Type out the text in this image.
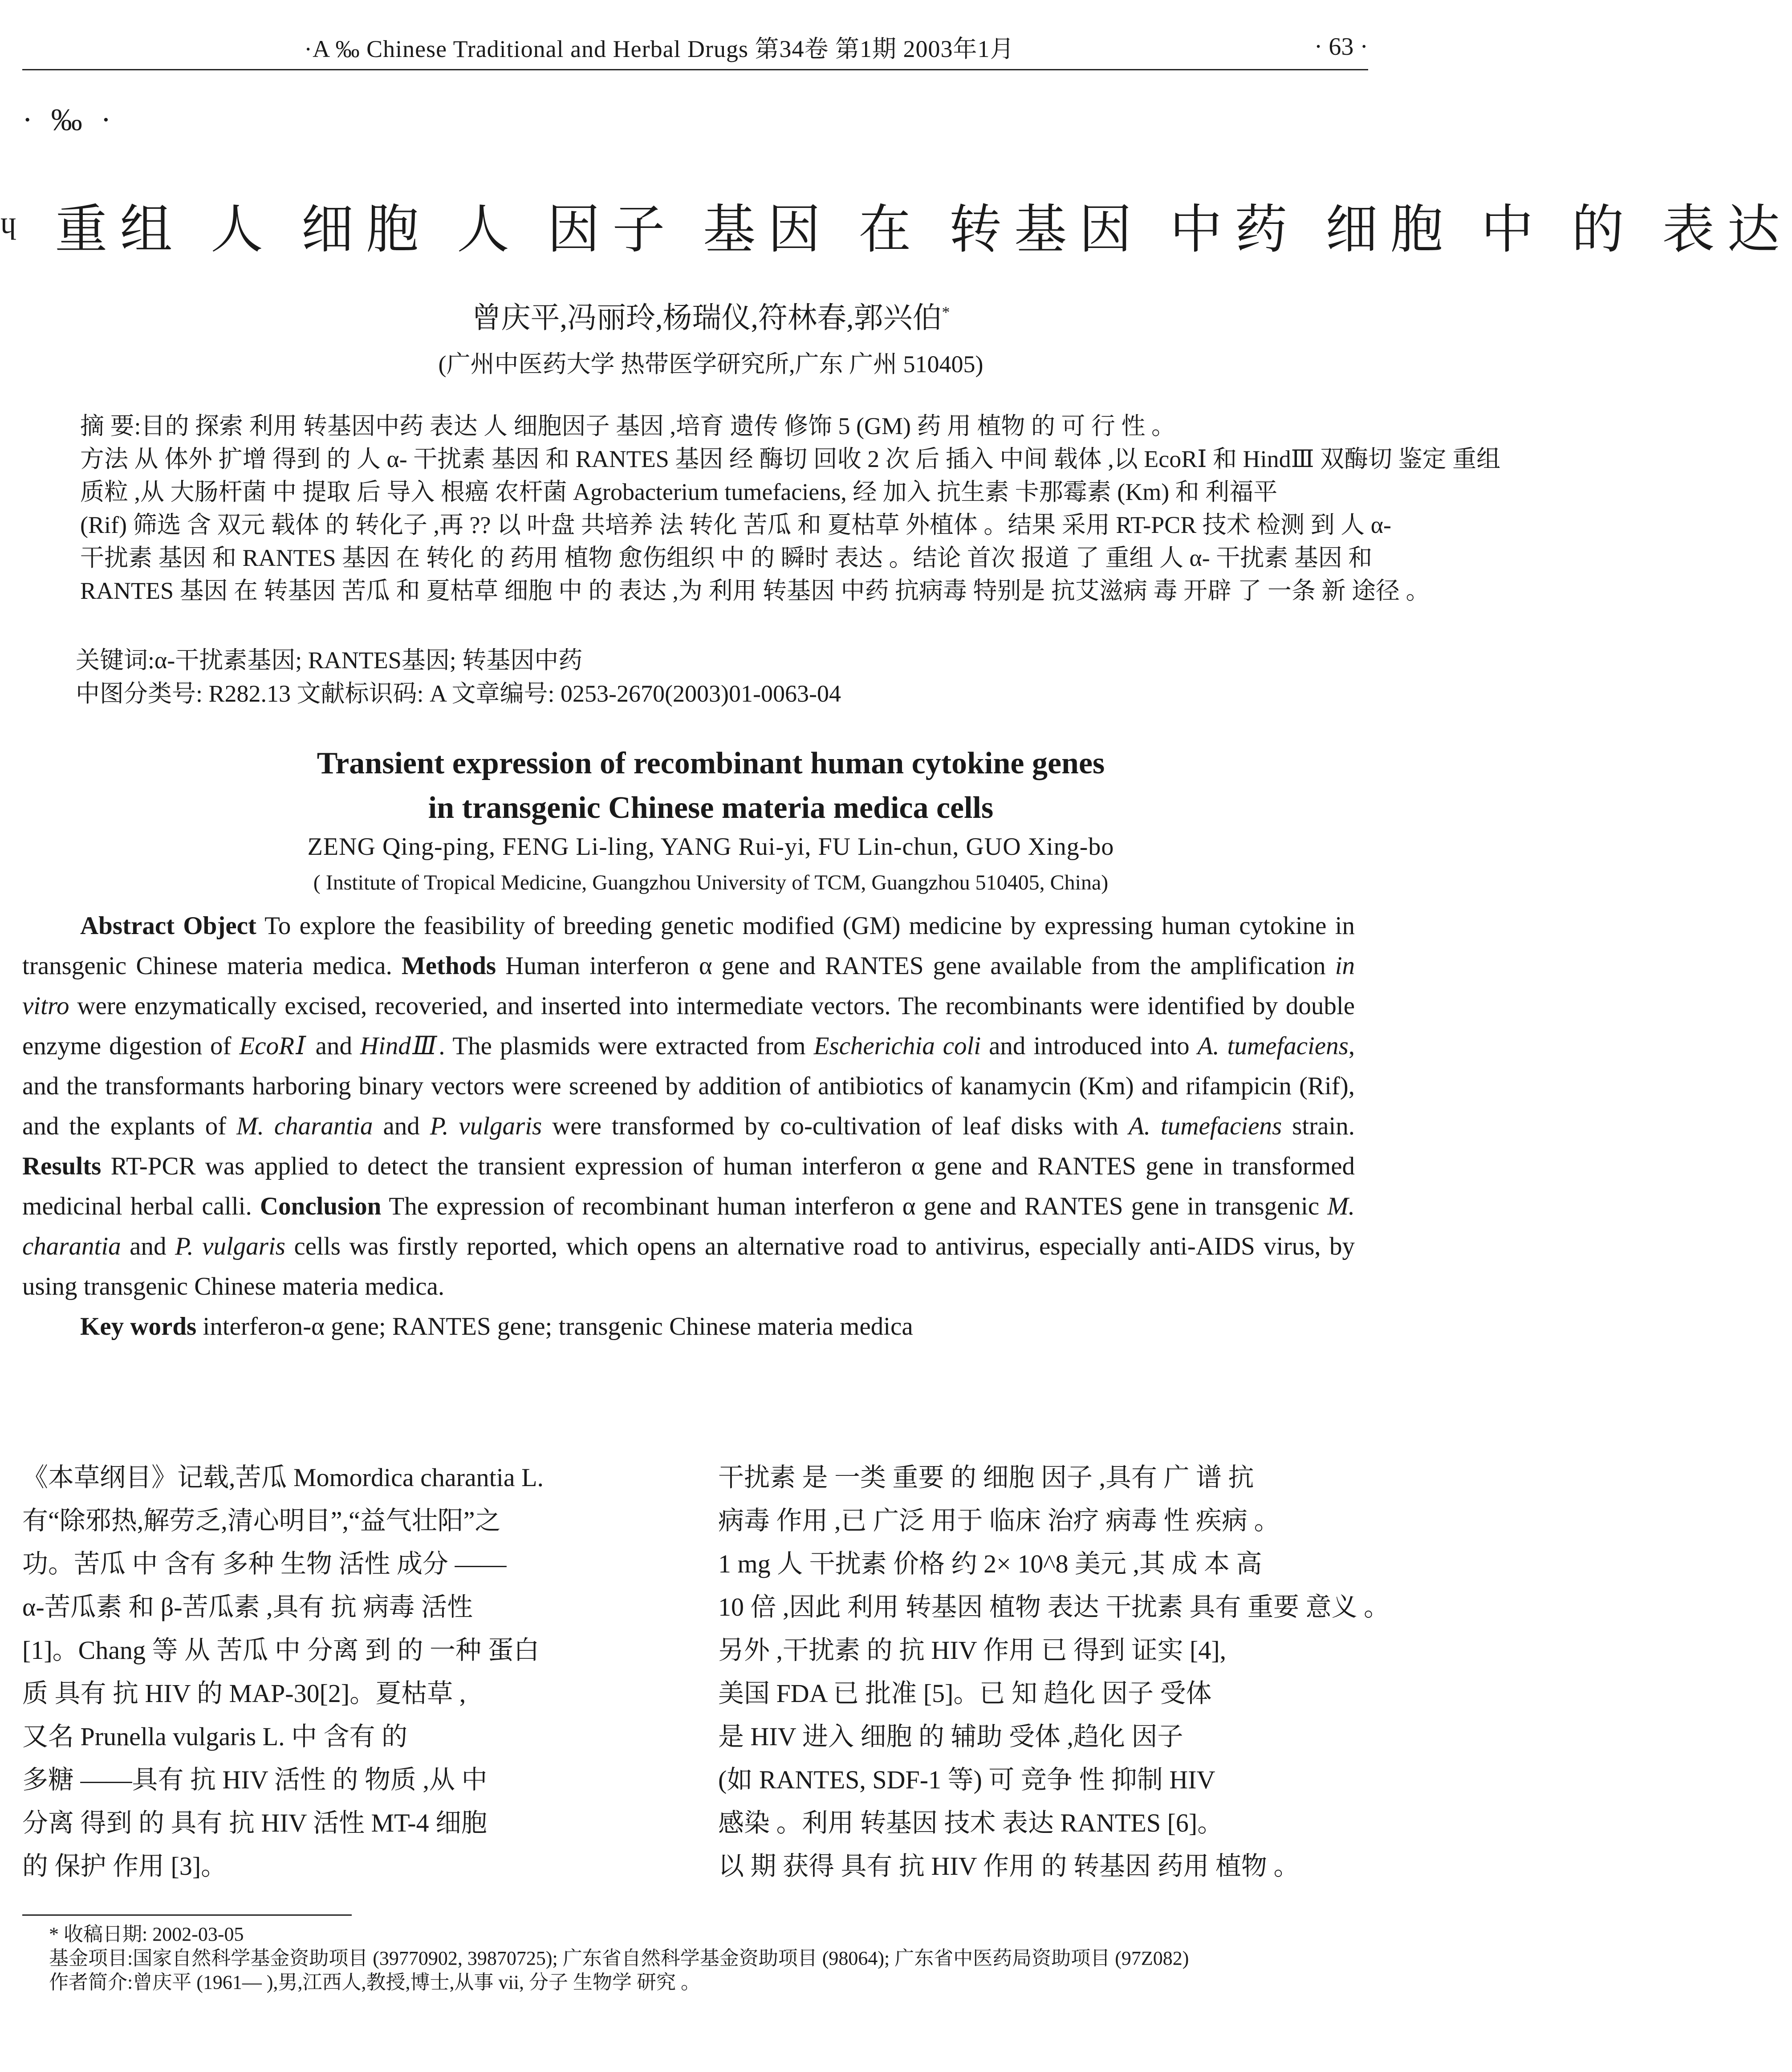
·A ‰ Chinese Traditional and Herbal Drugs 第34卷 第1期 2003年1月	· 63 ·
· ‰ ·
ᶣ 重组 人 细胞 人 因子 基因 在 转基因 中药 细胞 中 的 表达
曾庆平,冯丽玲,杨瑞仪,符林春,郭兴伯*
(广州中医药大学 热带医学研究所,广东 广州 510405)

摘 要:目的 探索 利用 转基因中药 表达 人 细胞因子 基因 ,培育 遗传 修饰 5 (GM) 药 用 植物 的 可 行 性 。

方法 从 体外 扩增 得到 的 人 α- 干扰素 基因 和 RANTES 基因 经 酶切 回收 2 次 后 插入 中间 载体 ,以 EcoRⅠ 和 HindⅢ 双酶切 鉴定 重组

质粒 ,从 大肠杆菌 中 提取 后 导入 根癌 农杆菌 Agrobacterium tumefaciens, 经 加入 抗生素 卡那霉素 (Km) 和 利福平

(Rif) 筛选 含 双元 载体 的 转化子 ,再 ?? 以 叶盘 共培养 法 转化 苦瓜 和 夏枯草 外植体 。结果 采用 RT-PCR 技术 检测 到 人 α-

干扰素 基因 和 RANTES 基因 在 转化 的 药用 植物 愈伤组织 中 的 瞬时 表达 。结论 首次 报道 了 重组 人 α- 干扰素 基因 和

RANTES 基因 在 转基因 苦瓜 和 夏枯草 细胞 中 的 表达 ,为 利用 转基因 中药 抗病毒 特别是 抗艾滋病 毒 开辟 了 一条 新 途径 。

关键词:α-干扰素基因; RANTES基因; 转基因中药
中图分类号: R282.13 文献标识码: A 文章编号: 0253-2670(2003)01-0063-04
Transient expression of recombinant human cytokine genes
in transgenic Chinese materia medica cells
ZENG Qing-ping, FENG Li-ling, YANG Rui-yi, FU Lin-chun, GUO Xing-bo
( Institute of Tropical Medicine, Guangzhou University of TCM, Guangzhou 510405, China)

Abstract Object To explore the feasibility of breeding genetic modified (GM) medicine by expressing human cytokine in transgenic Chinese materia medica. Methods Human interferon α gene and RANTES gene available from the amplification in vitro were enzymatically excised, recoveried, and inserted into intermediate vectors. The recombinants were identified by double enzyme digestion of EcoRⅠ and HindⅢ. The plasmids were extracted from Escherichia coli and introduced into A. tumefaciens, and the transformants harboring binary vectors were screened by addition of antibiotics of kanamycin (Km) and rifampicin (Rif), and the explants of M. charantia and P. vulgaris were transformed by co-cultivation of leaf disks with A. tumefaciens strain. Results RT-PCR was applied to detect the transient expression of human interferon α gene and RANTES gene in transformed medicinal herbal calli. Conclusion The expression of recombinant human interferon α gene and RANTES gene in transgenic M. charantia and P. vulgaris cells was firstly reported, which opens an alternative road to antivirus, especially anti-AIDS virus, by using transgenic Chinese materia medica.

Key words interferon-α gene; RANTES gene; transgenic Chinese materia medica

《本草纲目》记载,苦瓜 Momordica charantia L.

有“除邪热,解劳乏,清心明目”,“益气壮阳”之

功。苦瓜 中 含有 多种 生物 活性 成分 ——

α-苦瓜素 和 β-苦瓜素 ,具有 抗 病毒 活性

[1]。Chang 等 从 苦瓜 中 分离 到 的 一种 蛋白

质 具有 抗 HIV 的 MAP-30[2]。夏枯草 ,

又名 Prunella vulgaris L. 中 含有 的

多糖 ——具有 抗 HIV 活性 的 物质 ,从 中

分离 得到 的 具有 抗 HIV 活性 MT-4 细胞

的 保护 作用 [3]。

干扰素 是 一类 重要 的 细胞 因子 ,具有 广 谱 抗

病毒 作用 ,已 广泛 用于 临床 治疗 病毒 性 疾病 。

1 mg 人 干扰素 价格 约 2× 10^8 美元 ,其 成 本 高

10 倍 ,因此 利用 转基因 植物 表达 干扰素 具有 重要 意义 。

另外 ,干扰素 的 抗 HIV 作用 已 得到 证实 [4],

美国 FDA 已 批准 [5]。已 知 趋化 因子 受体

是 HIV 进入 细胞 的 辅助 受体 ,趋化 因子

(如 RANTES, SDF-1 等) 可 竞争 性 抑制 HIV

感染 。利用 转基因 技术 表达 RANTES [6]。

以 期 获得 具有 抗 HIV 作用 的 转基因 药用 植物 。

* 收稿日期: 2002-03-05

基金项目:国家自然科学基金资助项目 (39770902, 39870725); 广东省自然科学基金资助项目 (98064); 广东省中医药局资助项目 (97Z082)

作者简介:曾庆平 (1961— ),男,江西人,教授,博士,从事 vii, 分子 生物学 研究 。
